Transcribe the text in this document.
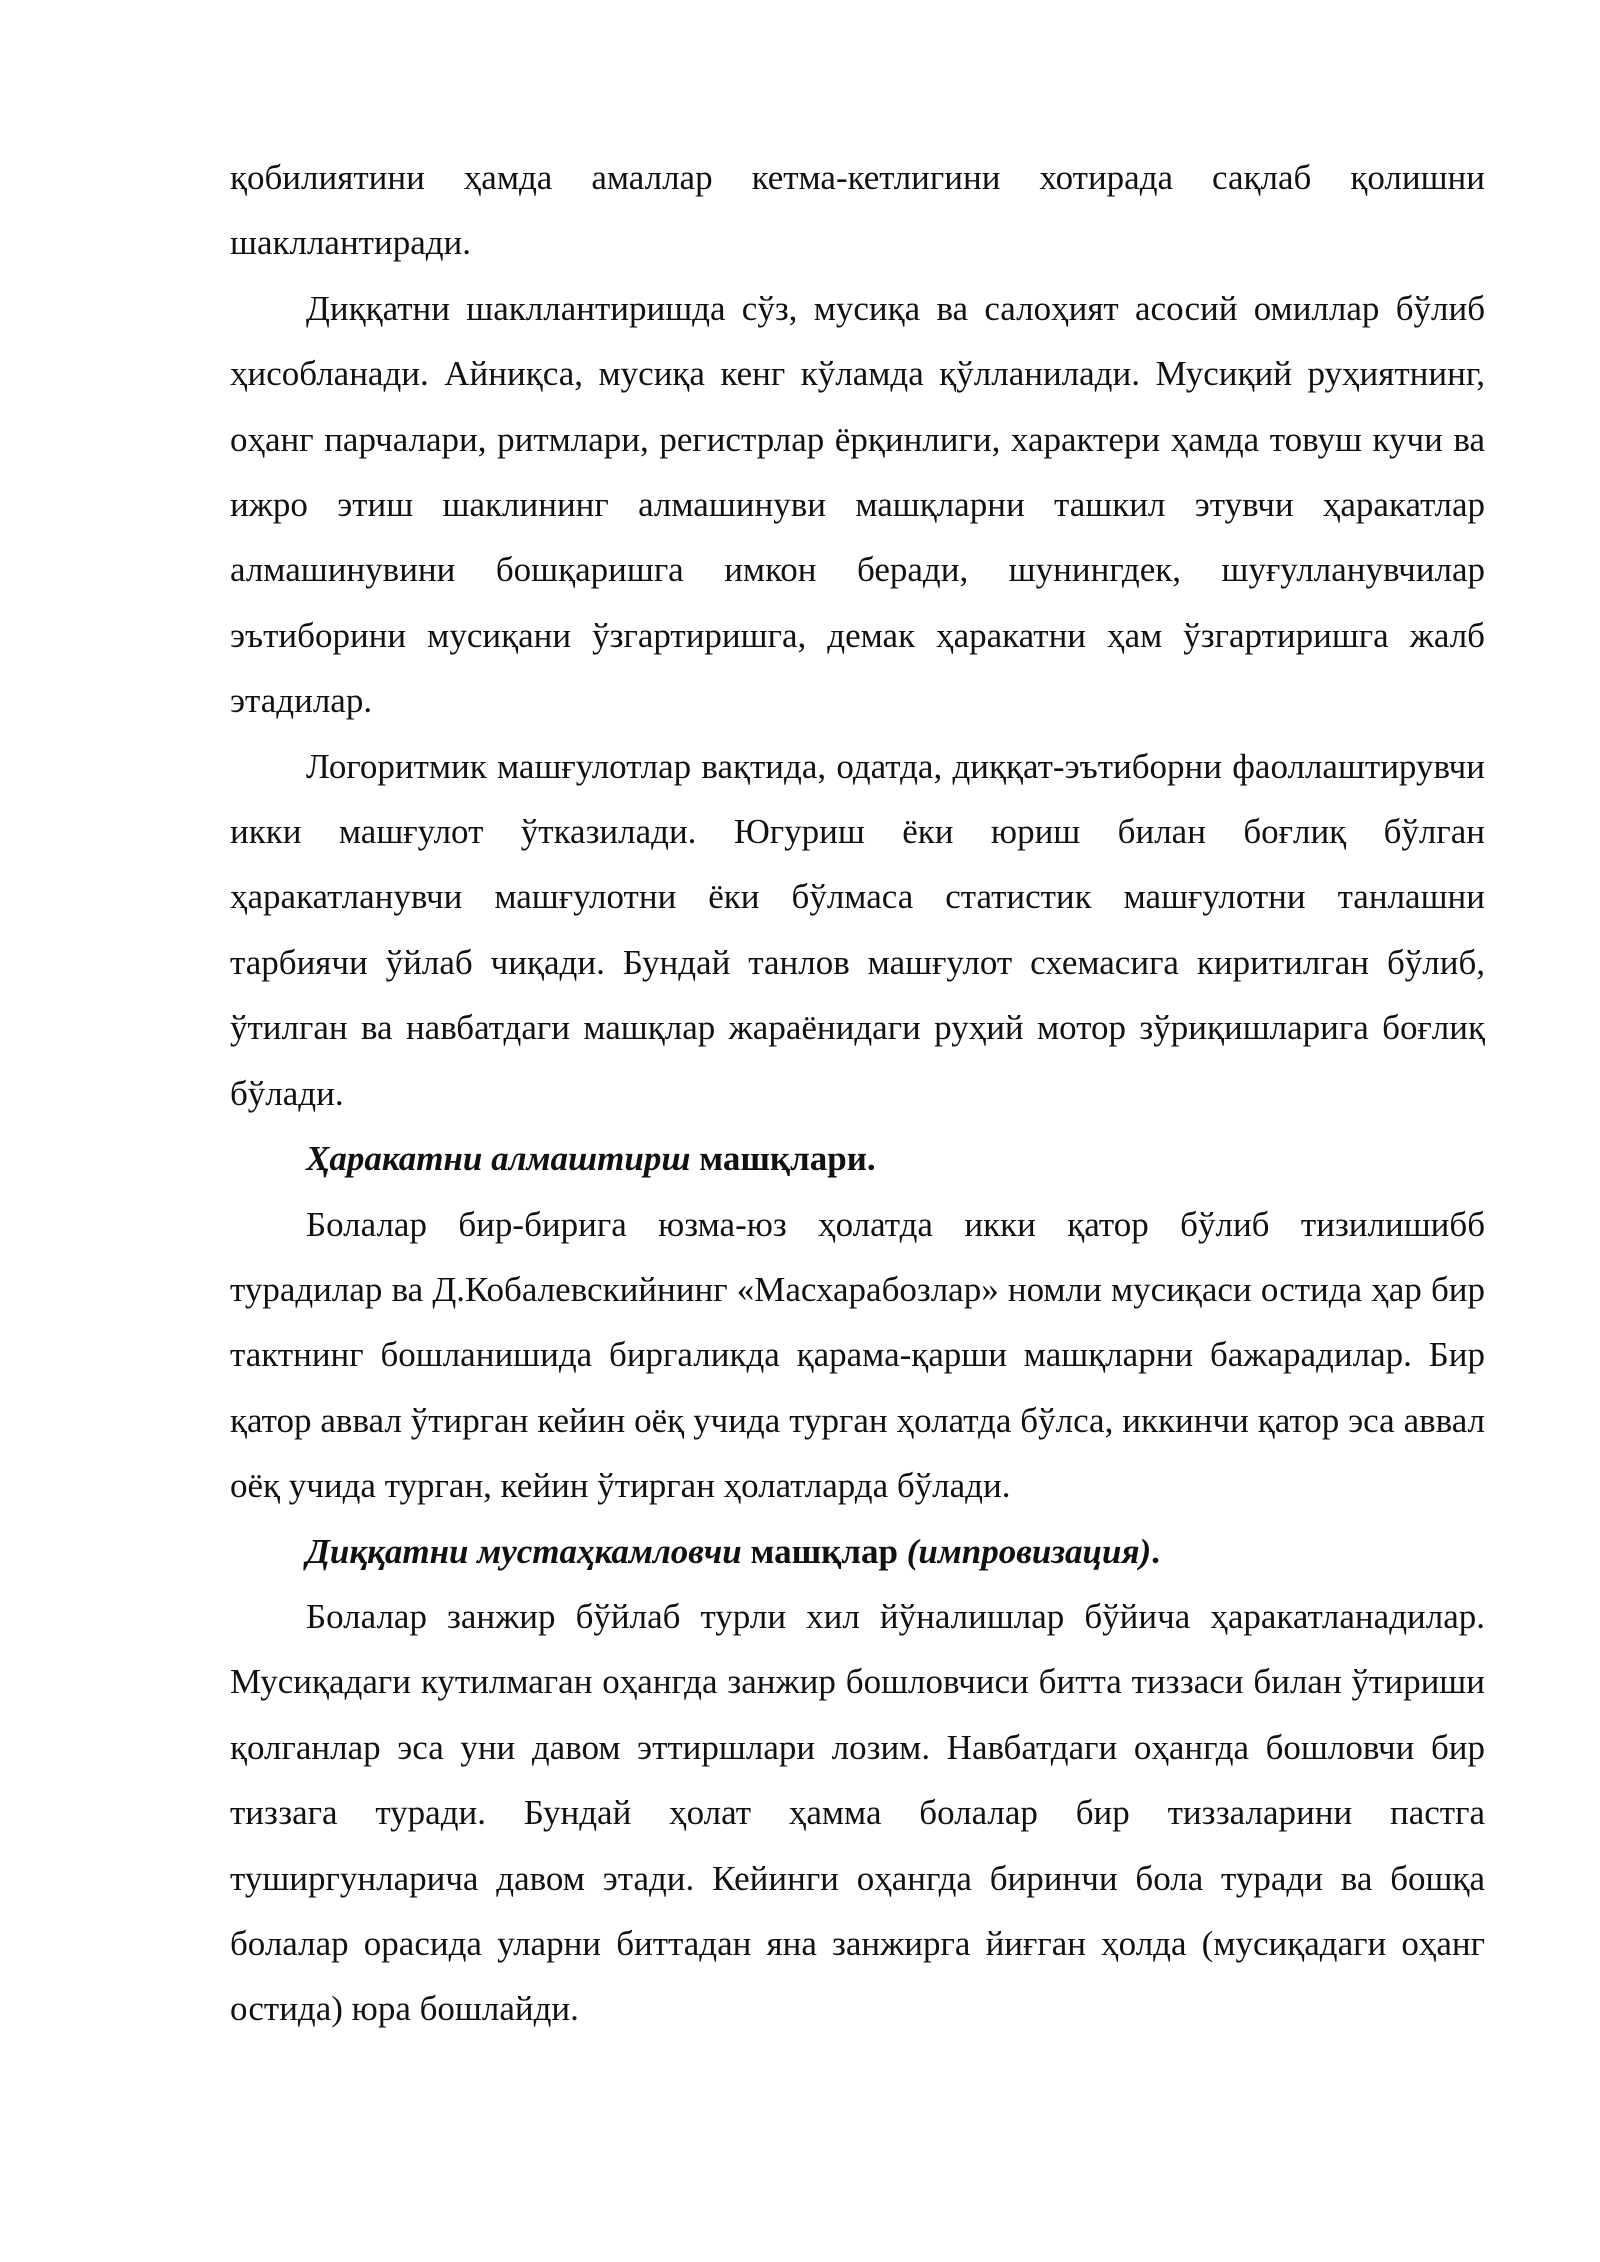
қобилиятини ҳамда амаллар кетма-кетлигини хотирада сақлаб қолишни шакллантиради.

Диққатни шакллантиришда сўз, мусиқа ва салоҳият асосий омиллар бўлиб ҳисобланади. Айниқса, мусиқа кенг кўламда қўлланилади. Мусиқий руҳиятнинг, оҳанг парчалари, ритмлари, регистрлар ёрқинлиги, характери ҳамда товуш кучи ва ижро этиш шаклининг алмашинуви машқларни ташкил этувчи ҳаракатлар алмашинувини бошқаришга имкон беради, шунингдек, шуғулланувчилар эътиборини мусиқани ўзгартиришга, демак ҳаракатни ҳам ўзгартиришга жалб этадилар.

Логоритмик машғулотлар вақтида, одатда, диққат-эътиборни фаоллаштирувчи икки машғулот ўтказилади. Югуриш ёки юриш билан боғлиқ бўлган ҳаракатланувчи машғулотни ёки бўлмаса статистик машғулотни танлашни тарбиячи ўйлаб чиқади. Бундай танлов машғулот схемасига киритилган бўлиб, ўтилган ва навбатдаги машқлар жараёнидаги руҳий мотор зўриқишларига боғлиқ бўлади.

Ҳаракатни алмаштирш машқлари.

Болалар бир-бирига юзма-юз ҳолатда икки қатор бўлиб тизилишибб турадилар ва Д.Кобалевскийнинг «Масхарабозлар» номли мусиқаси остида ҳар бир тактнинг бошланишида биргаликда қарама-қарши машқларни бажарадилар. Бир қатор аввал ўтирган кейин оёқ учида турган ҳолатда бўлса, иккинчи қатор эса аввал оёқ учида турган, кейин ўтирган ҳолатларда бўлади.

Диққатни мустаҳкамловчи машқлар (импровизация).

Болалар занжир бўйлаб турли хил йўналишлар бўйича ҳаракатланадилар. Мусиқадаги кутилмаган оҳангда занжир бошловчиси битта тиззаси билан ўтириши қолганлар эса уни давом эттиршлари лозим. Навбатдаги оҳангда бошловчи бир тиззага туради. Бундай ҳолат ҳамма болалар бир тиззаларини пастга туширгунларича давом этади. Кейинги оҳангда биринчи бола туради ва бошқа болалар орасида уларни биттадан яна занжирга йиғган ҳолда (мусиқадаги оҳанг остида) юра бошлайди.
